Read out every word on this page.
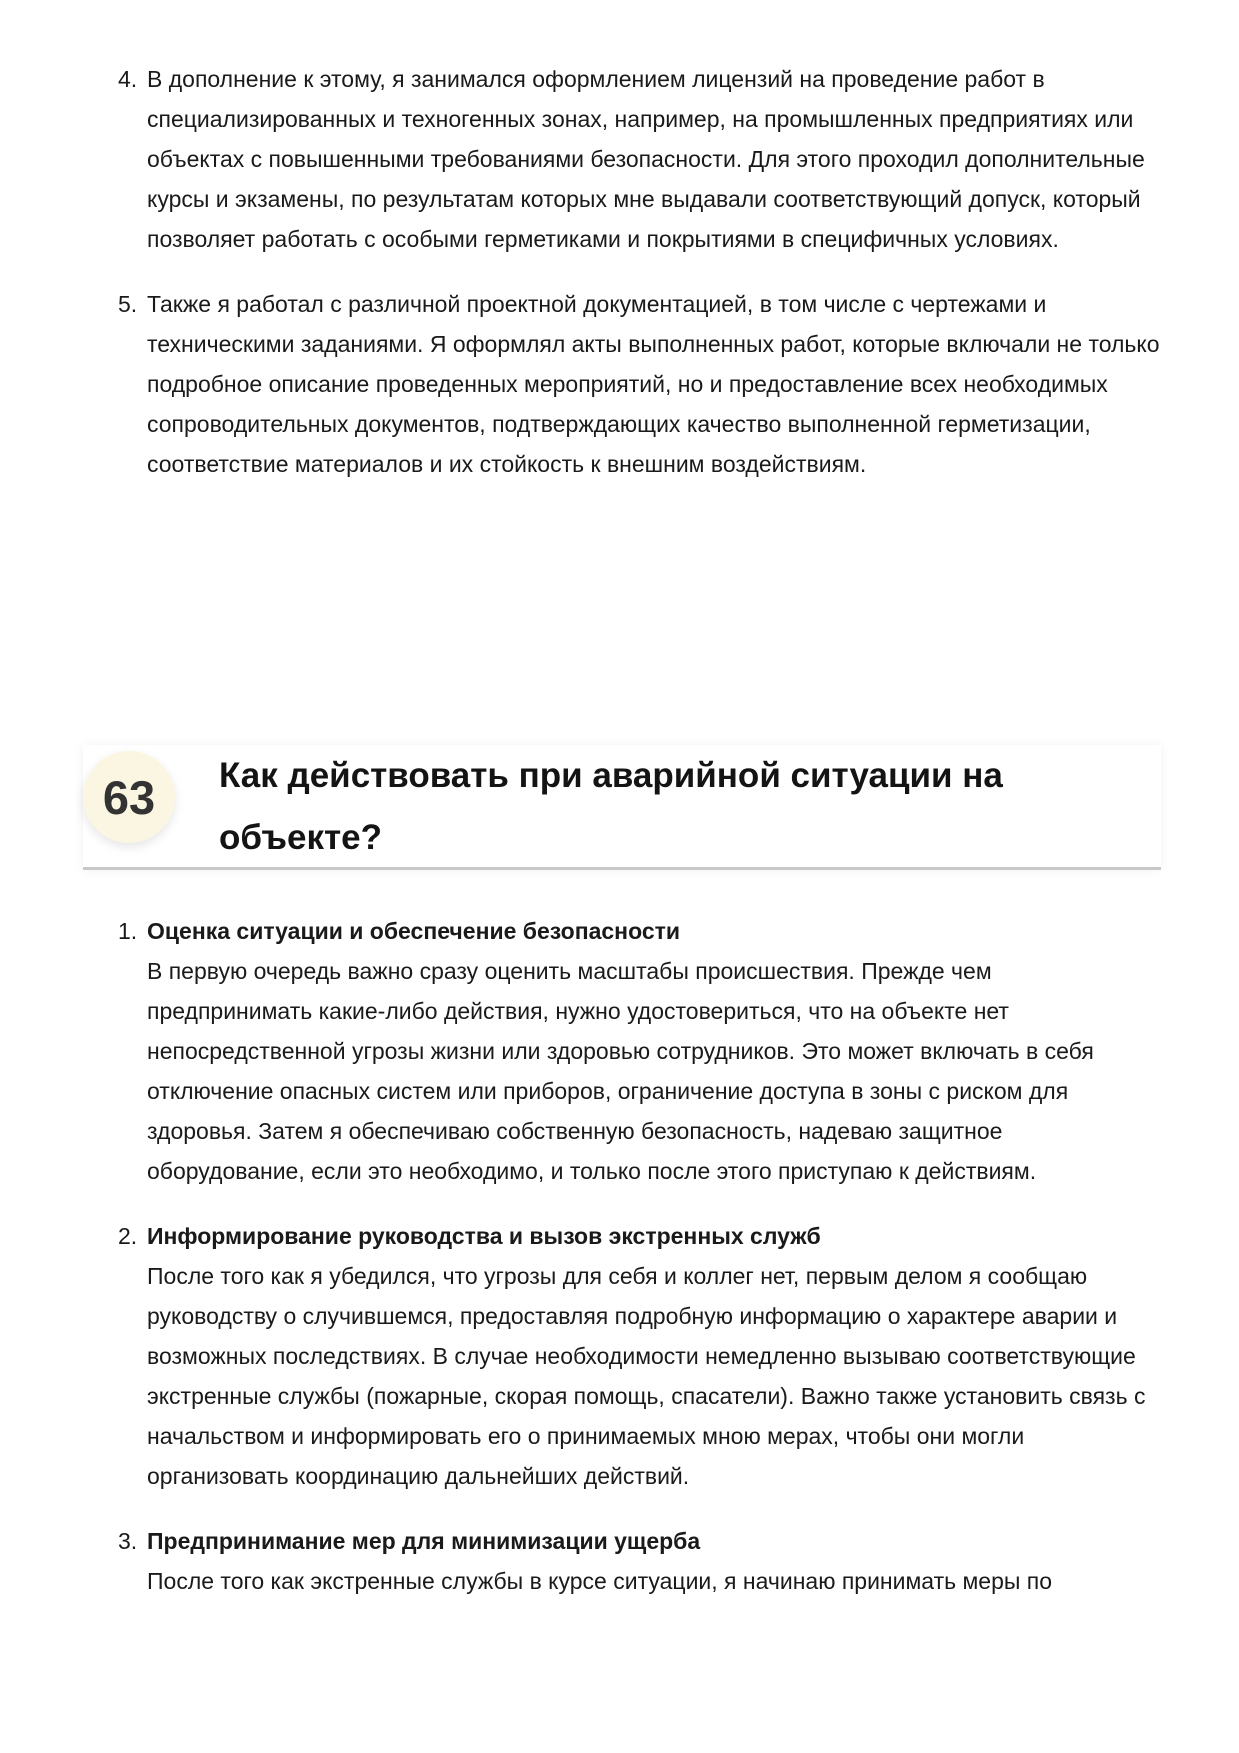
4. В дополнение к этому, я занимался оформлением лицензий на проведение работ в специализированных и техногенных зонах, например, на промышленных предприятиях или объектах с повышенными требованиями безопасности. Для этого проходил дополнительные курсы и экзамены, по результатам которых мне выдавали соответствующий допуск, который позволяет работать с особыми герметиками и покрытиями в специфичных условиях.
5. Также я работал с различной проектной документацией, в том числе с чертежами и техническими заданиями. Я оформлял акты выполненных работ, которые включали не только подробное описание проведенных мероприятий, но и предоставление всех необходимых сопроводительных документов, подтверждающих качество выполненной герметизации, соответствие материалов и их стойкость к внешним воздействиям.
63	Как действовать при аварийной ситуации на объекте?
1. Оценка ситуации и обеспечение безопасности
В первую очередь важно сразу оценить масштабы происшествия. Прежде чем предпринимать какие-либо действия, нужно удостовериться, что на объекте нет непосредственной угрозы жизни или здоровью сотрудников. Это может включать в себя отключение опасных систем или приборов, ограничение доступа в зоны с риском для здоровья. Затем я обеспечиваю собственную безопасность, надеваю защитное оборудование, если это необходимо, и только после этого приступаю к действиям.
2. Информирование руководства и вызов экстренных служб
После того как я убедился, что угрозы для себя и коллег нет, первым делом я сообщаю руководству о случившемся, предоставляя подробную информацию о характере аварии и возможных последствиях. В случае необходимости немедленно вызываю соответствующие экстренные службы (пожарные, скорая помощь, спасатели). Важно также установить связь с начальством и информировать его о принимаемых мною мерах, чтобы они могли организовать координацию дальнейших действий.
3. Предпринимание мер для минимизации ущерба
После того как экстренные службы в курсе ситуации, я начинаю принимать меры по
